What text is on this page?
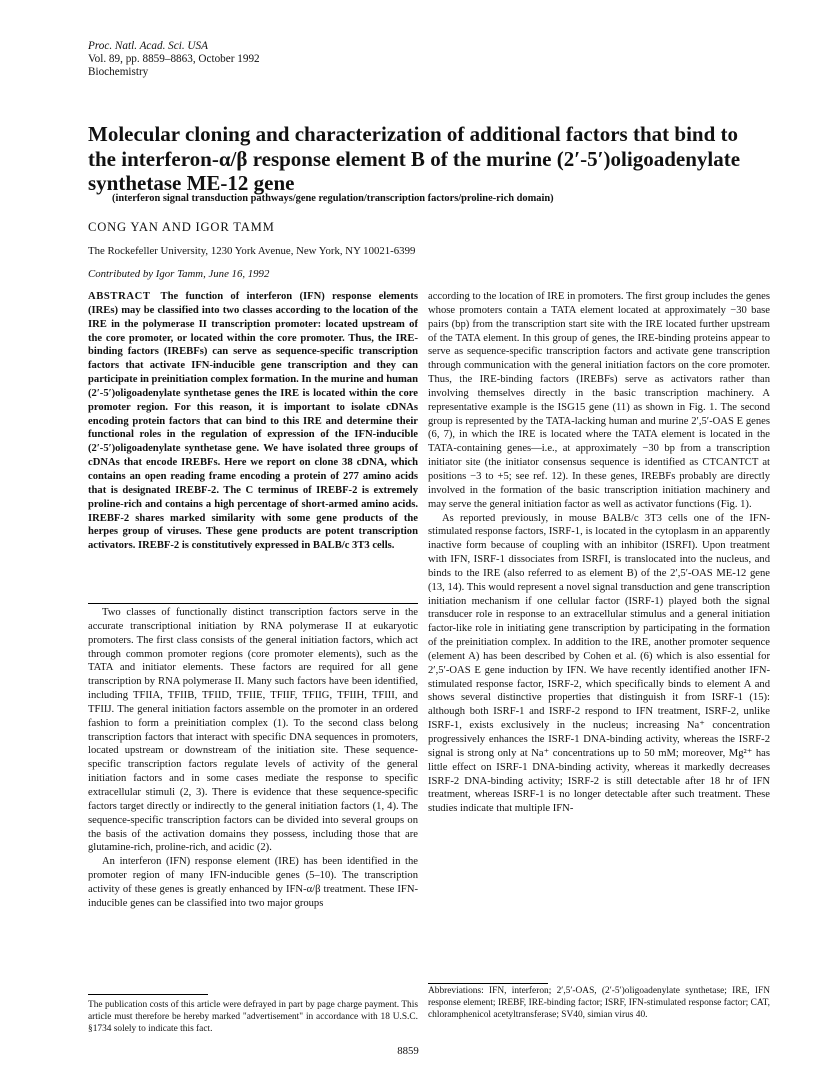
Proc. Natl. Acad. Sci. USA
Vol. 89, pp. 8859–8863, October 1992
Biochemistry
Molecular cloning and characterization of additional factors that bind to the interferon-α/β response element B of the murine (2′-5′)oligoadenylate synthetase ME-12 gene
(interferon signal transduction pathways/gene regulation/transcription factors/proline-rich domain)
CONG YAN AND IGOR TAMM
The Rockefeller University, 1230 York Avenue, New York, NY 10021-6399
Contributed by Igor Tamm, June 16, 1992
ABSTRACT The function of interferon (IFN) response elements (IREs) may be classified into two classes according to the location of the IRE in the polymerase II transcription promoter: located upstream of the core promoter, or located within the core promoter. Thus, the IRE-binding factors (IREBFs) can serve as sequence-specific transcription factors that activate IFN-inducible gene transcription and they can participate in preinitiation complex formation. In the murine and human (2′-5′)oligoadenylate synthetase genes the IRE is located within the core promoter region. For this reason, it is important to isolate cDNAs encoding protein factors that can bind to this IRE and determine their functional roles in the regulation of expression of the IFN-inducible (2′-5′)oligoadenylate synthetase gene. We have isolated three groups of cDNAs that encode IREBFs. Here we report on clone 38 cDNA, which contains an open reading frame encoding a protein of 277 amino acids that is designated IREBF-2. The C terminus of IREBF-2 is extremely proline-rich and contains a high percentage of short-armed amino acids. IREBF-2 shares marked similarity with some gene products of the herpes group of viruses. These gene products are potent transcription activators. IREBF-2 is constitutively expressed in BALB/c 3T3 cells.

Two classes of functionally distinct transcription factors serve in the accurate transcriptional initiation by RNA polymerase II at eukaryotic promoters. The first class consists of the general initiation factors, which act through common promoter regions (core promoter elements), such as the TATA and initiator elements. These factors are required for all gene transcription by RNA polymerase II. Many such factors have been identified, including TFIIA, TFIIB, TFIID, TFIIE, TFIIF, TFIIG, TFIIH, TFIII, and TFIIJ. The general initiation factors assemble on the promoter in an ordered fashion to form a preinitiation complex (1). To the second class belong transcription factors that interact with specific DNA sequences in promoters, located upstream or downstream of the initiation site. These sequence-specific transcription factors regulate levels of activity of the general initiation factors and in some cases mediate the response to specific extracellular stimuli (2, 3). There is evidence that these sequence-specific factors target directly or indirectly to the general initiation factors (1, 4). The sequence-specific transcription factors can be divided into several groups on the basis of the activation domains they possess, including those that are glutamine-rich, proline-rich, and acidic (2).

An interferon (IFN) response element (IRE) has been identified in the promoter region of many IFN-inducible genes (5–10). The transcription activity of these genes is greatly enhanced by IFN-α/β treatment. These IFN-inducible genes can be classified into two major groups

according to the location of IRE in promoters. The first group includes the genes whose promoters contain a TATA element located at approximately −30 base pairs (bp) from the transcription start site with the IRE located further upstream of the TATA element. In this group of genes, the IRE-binding proteins appear to serve as sequence-specific transcription factors and activate gene transcription through communication with the general initiation factors on the core promoter. Thus, the IRE-binding factors (IREBFs) serve as activators rather than involving themselves directly in the basic transcription machinery. A representative example is the ISG15 gene (11) as shown in Fig. 1. The second group is represented by the TATA-lacking human and murine 2′,5′-OAS E genes (6, 7), in which the IRE is located where the TATA element is located in the TATA-containing genes—i.e., at approximately −30 bp from a transcription initiator site (the initiator consensus sequence is identified as CTCANTCT at positions −3 to +5; see ref. 12). In these genes, IREBFs probably are directly involved in the formation of the basic transcription initiation machinery and may serve the general initiation factor as well as activator functions (Fig. 1).

As reported previously, in mouse BALB/c 3T3 cells one of the IFN-stimulated response factors, ISRF-1, is located in the cytoplasm in an apparently inactive form because of coupling with an inhibitor (ISRFI). Upon treatment with IFN, ISRF-1 dissociates from ISRFI, is translocated into the nucleus, and binds to the IRE (also referred to as element B) of the 2′,5′-OAS ME-12 gene (13, 14). This would represent a novel signal transduction and gene transcription initiation mechanism if one cellular factor (ISRF-1) played both the signal transducer role in response to an extracellular stimulus and a general initiation factor-like role in initiating gene transcription by participating in the formation of the preinitiation complex. In addition to the IRE, another promoter sequence (element A) has been described by Cohen et al. (6) which is also essential for 2′,5′-OAS E gene induction by IFN. We have recently identified another IFN-stimulated response factor, ISRF-2, which specifically binds to element A and shows several distinctive properties that distinguish it from ISRF-1 (15): although both ISRF-1 and ISRF-2 respond to IFN treatment, ISRF-2, unlike ISRF-1, exists exclusively in the nucleus; increasing Na⁺ concentration progressively enhances the ISRF-1 DNA-binding activity, whereas the ISRF-2 signal is strong only at Na⁺ concentrations up to 50 mM; moreover, Mg²⁺ has little effect on ISRF-1 DNA-binding activity, whereas it markedly decreases ISRF-2 DNA-binding activity; ISRF-2 is still detectable after 18 hr of IFN treatment, whereas ISRF-1 is no longer detectable after such treatment. These studies indicate that multiple IFN-

The publication costs of this article were defrayed in part by page charge payment. This article must therefore be hereby marked "advertisement" in accordance with 18 U.S.C. §1734 solely to indicate this fact.
Abbreviations: IFN, interferon; 2′,5′-OAS, (2′-5′)oligoadenylate synthetase; IRE, IFN response element; IREBF, IRE-binding factor; ISRF, IFN-stimulated response factor; CAT, chloramphenicol acetyltransferase; SV40, simian virus 40.
8859
